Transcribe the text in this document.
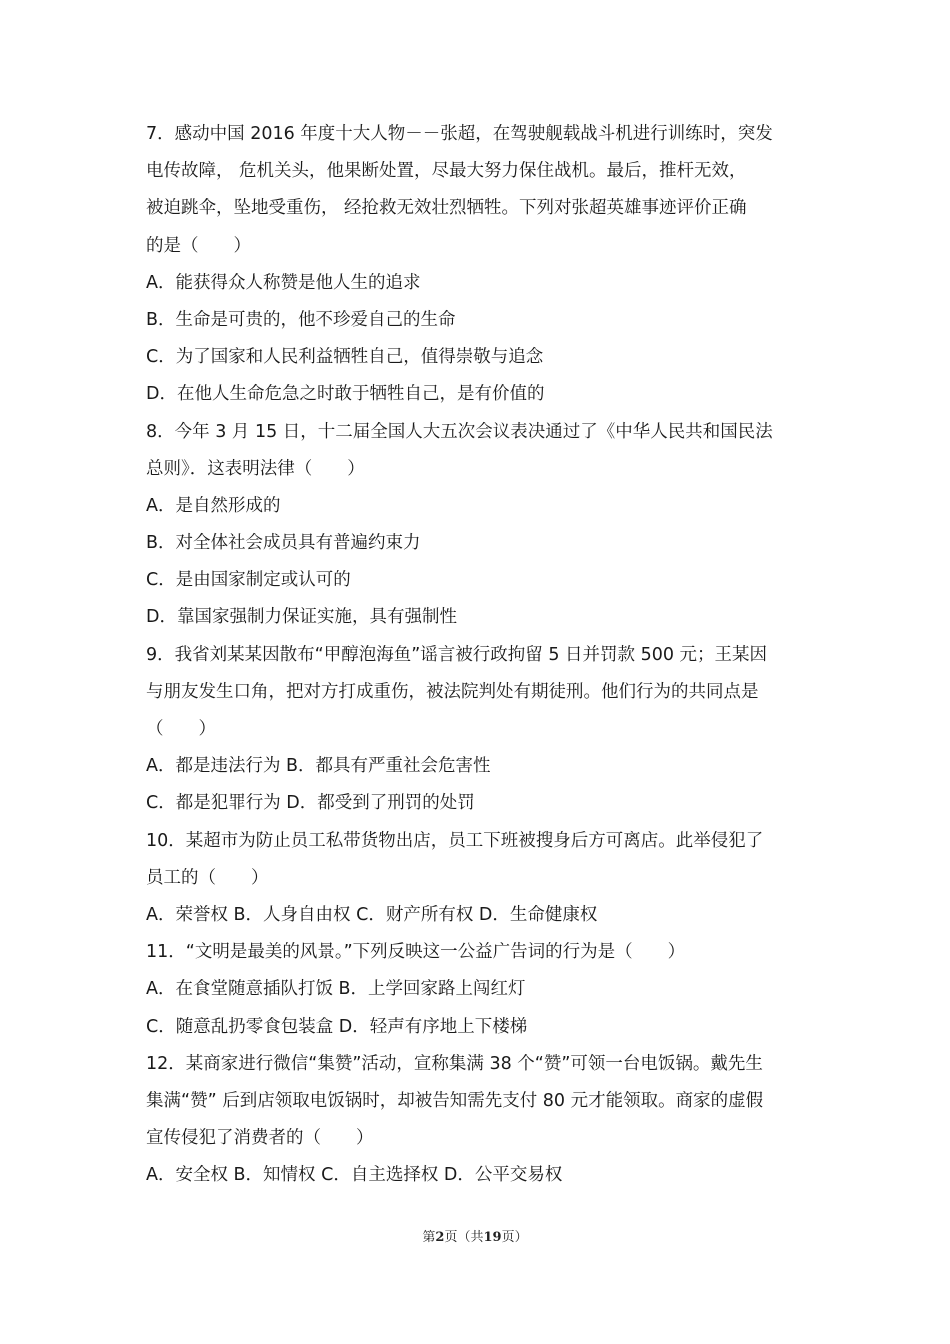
7．感动中国 2016 年度十大人物－－张超，在驾驶舰载战斗机进行训练时，突发
电传故障， 危机关头，他果断处置，尽最大努力保住战机。最后，推杆无效，
被迫跳伞，坠地受重伤， 经抢救无效壮烈牺牲。下列对张超英雄事迹评价正确
的是（　　）
A．能获得众人称赞是他人生的追求
B．生命是可贵的，他不珍爱自己的生命
C．为了国家和人民利益牺牲自己，值得崇敬与追念
D．在他人生命危急之时敢于牺牲自己，是有价值的
8．今年 3 月 15 日，十二届全国人大五次会议表决通过了《中华人民共和国民法
总则》．这表明法律（　　）
A．是自然形成的
B．对全体社会成员具有普遍约束力
C．是由国家制定或认可的
D．靠国家强制力保证实施，具有强制性
9．我省刘某某因散布“甲醇泡海鱼”谣言被行政拘留 5 日并罚款 500 元；王某因
与朋友发生口角，把对方打成重伤，被法院判处有期徒刑。他们行为的共同点是
（　　）
A．都是违法行为 B．都具有严重社会危害性
C．都是犯罪行为 D．都受到了刑罚的处罚
10．某超市为防止员工私带货物出店，员工下班被搜身后方可离店。此举侵犯了
员工的（　　）
A．荣誉权 B．人身自由权 C．财产所有权 D．生命健康权
11．“文明是最美的风景。”下列反映这一公益广告词的行为是（　　）
A．在食堂随意插队打饭 B．上学回家路上闯红灯
C．随意乱扔零食包装盒 D．轻声有序地上下楼梯
12．某商家进行微信“集赞”活动，宣称集满 38 个“赞”可领一台电饭锅。戴先生
集满“赞” 后到店领取电饭锅时，却被告知需先支付 80 元才能领取。商家的虚假
宣传侵犯了消费者的（　　）
A．安全权 B．知情权 C．自主选择权 D．公平交易权
第2页（共19页）
